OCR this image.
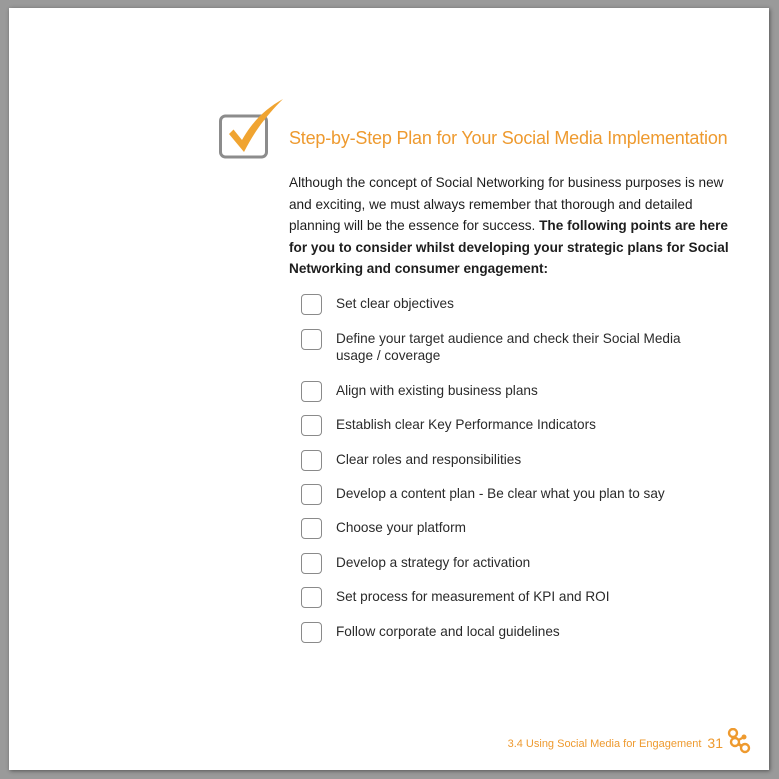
Step-by-Step Plan for Your Social Media Implementation
Although the concept of Social Networking for business purposes is new and exciting, we must always remember that thorough and detailed planning will be the essence for success. The following points are here for you to consider whilst developing your strategic plans for Social Networking and consumer engagement:
Set clear objectives
Define your target audience and check their Social Media usage / coverage
Align with existing business plans
Establish clear Key Performance Indicators
Clear roles and responsibilities
Develop a content plan - Be clear what you plan to say
Choose your platform
Develop a strategy for activation
Set process for measurement of KPI and ROI
Follow corporate and local guidelines
3.4 Using Social Media for Engagement 31
